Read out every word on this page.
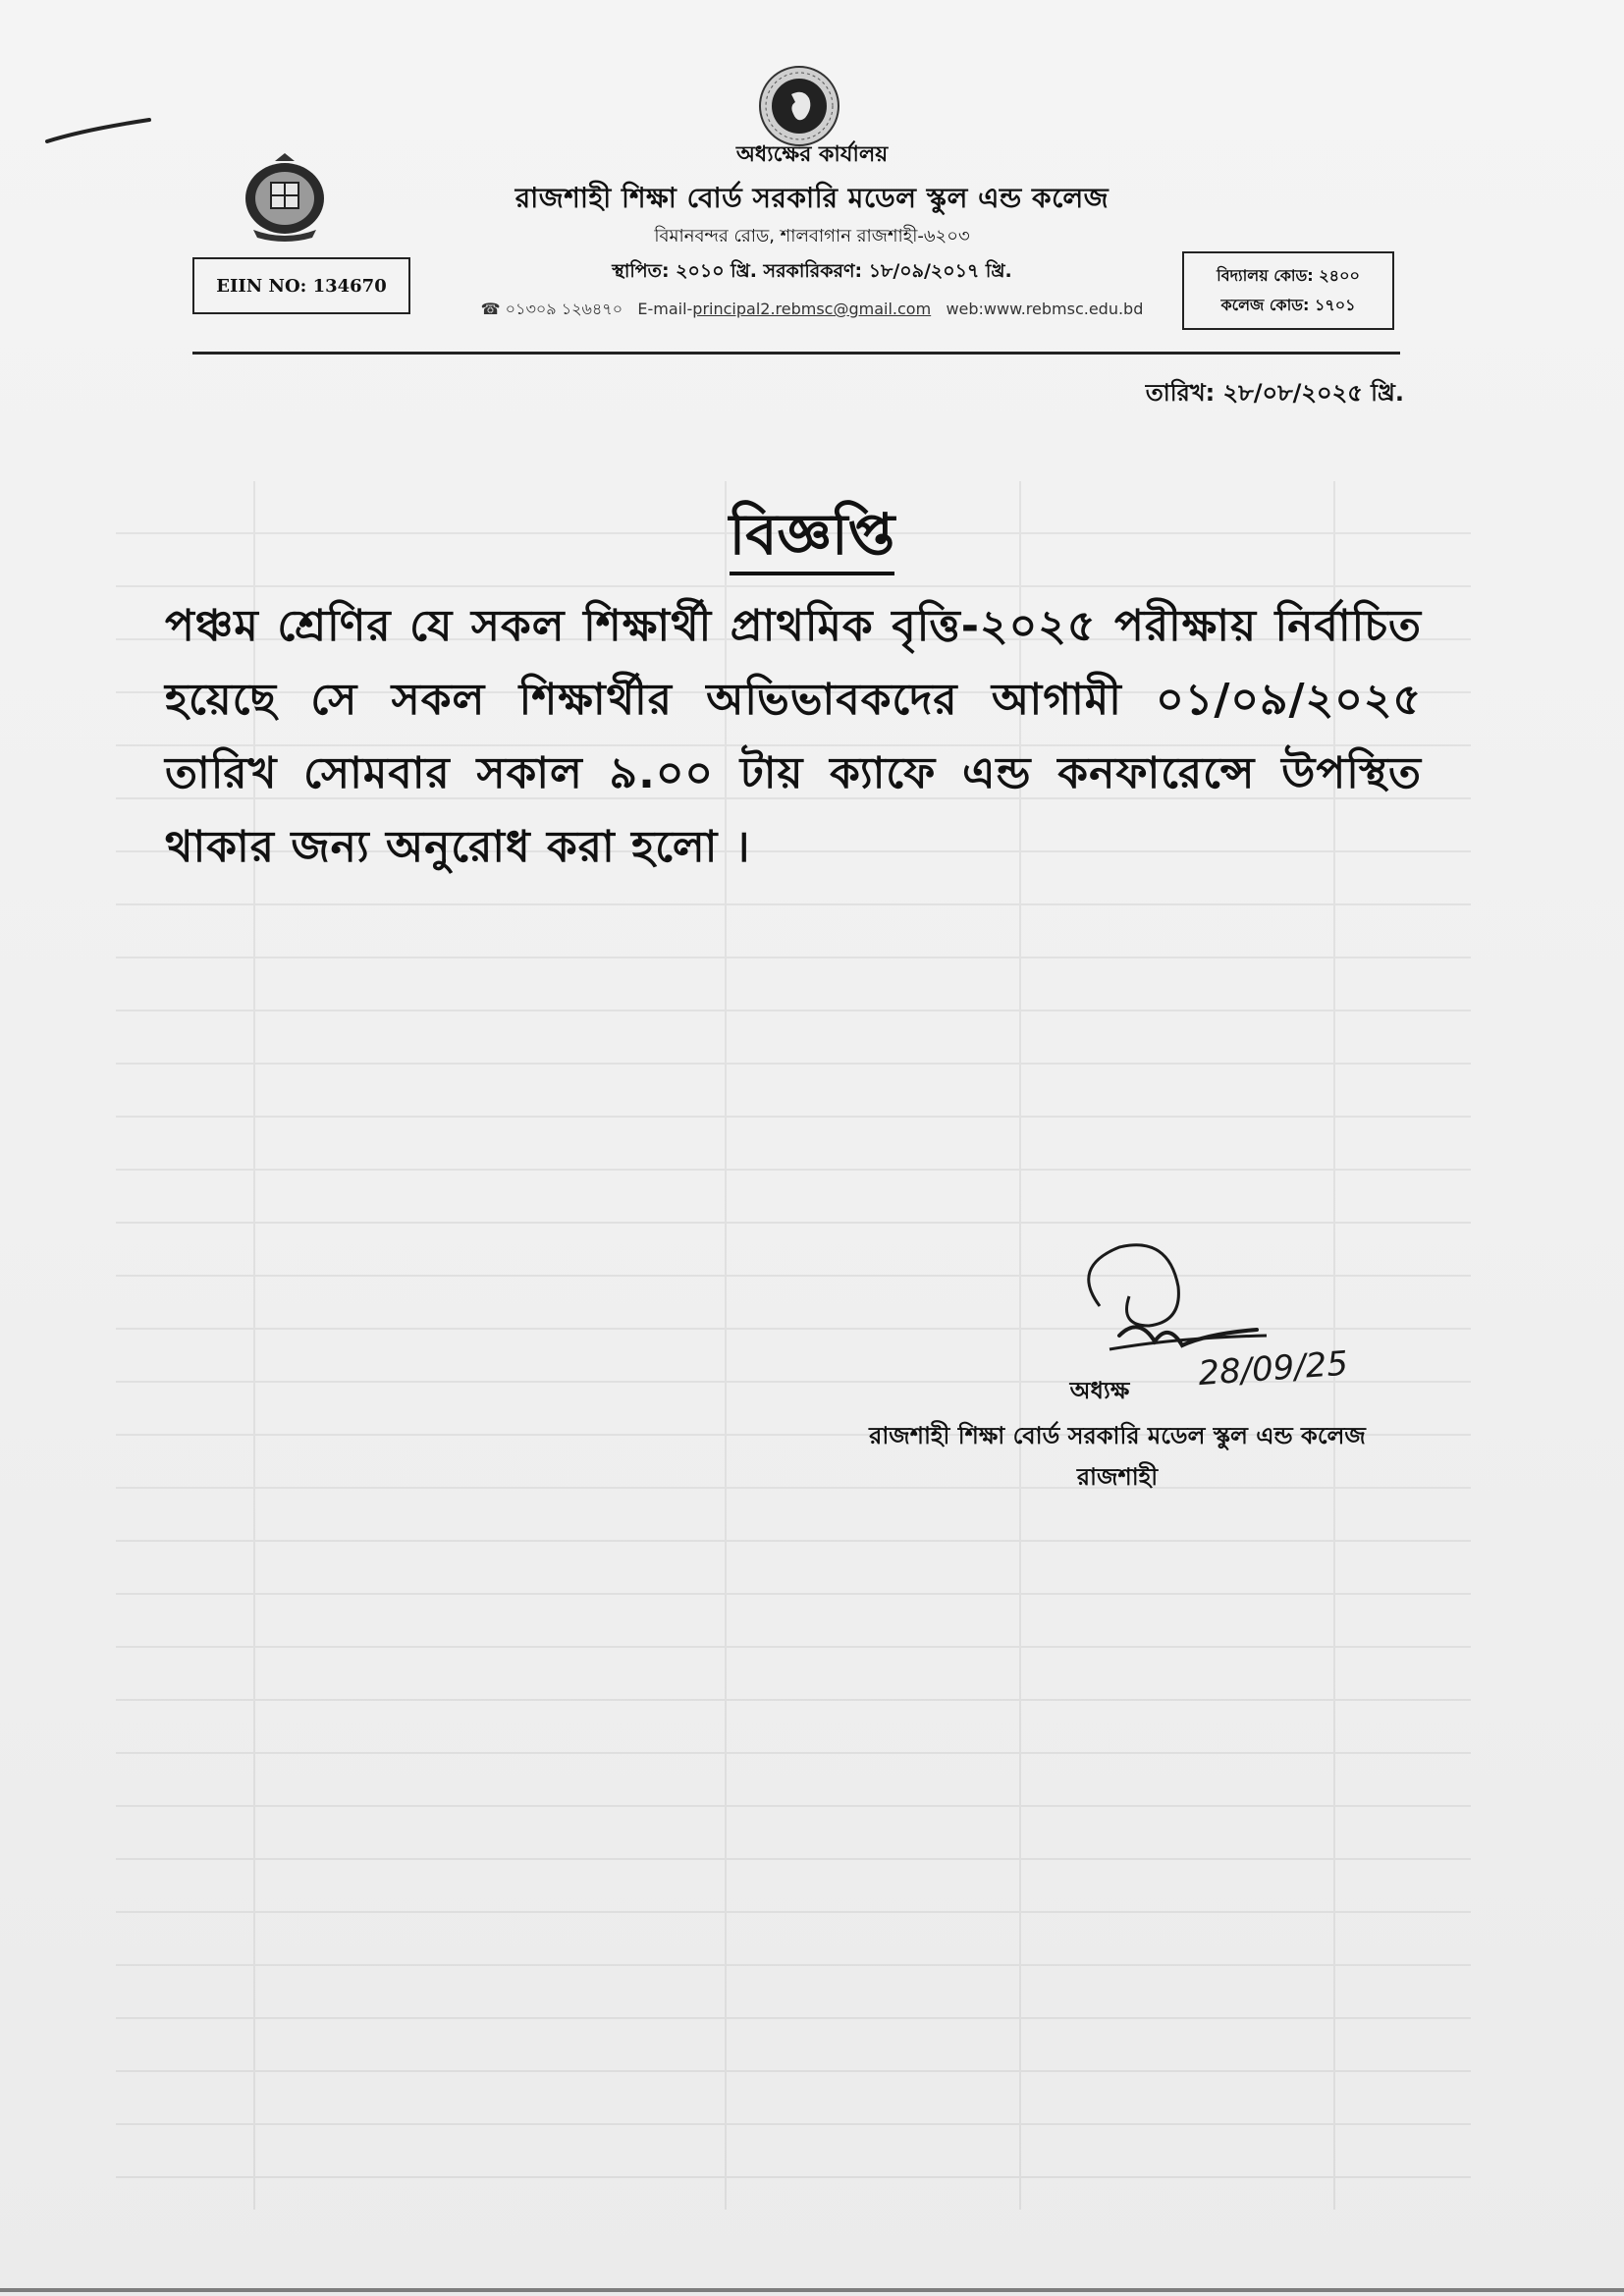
অধ্যক্ষের কার্যালয়
রাজশাহী শিক্ষা বোর্ড সরকারি মডেল স্কুল এন্ড কলেজ
বিমানবন্দর রোড, শালবাগান রাজশাহী-৬২০৩
স্থাপিত: ২০১০ খ্রি. সরকারিকরণ: ১৮/০৯/২০১৭ খ্রি.
☎ ০১৩০৯ ১২৬৪৭০ E-mail-principal2.rebmsc@gmail.com web:www.rebmsc.edu.bd
EIIN NO: 134670	বিদ্যালয় কোড: ২৪০০
কলেজ কোড: ১৭০১
তারিখ: ২৮/০৮/২০২৫ খ্রি.
বিজ্ঞপ্তি
পঞ্চম শ্রেণির যে সকল শিক্ষার্থী প্রাথমিক বৃত্তি-২০২৫ পরীক্ষায় নির্বাচিত হয়েছে সে সকল শিক্ষার্থীর অভিভাবকদের আগামী ০১/০৯/২০২৫ তারিখ সোমবার সকাল ৯.০০ টায় ক্যাফে এন্ড কনফারেন্সে উপস্থিত থাকার জন্য অনুরোধ করা হলো ।
28/09/25
অধ্যক্ষ
রাজশাহী শিক্ষা বোর্ড সরকারি মডেল স্কুল এন্ড কলেজ
রাজশাহী
